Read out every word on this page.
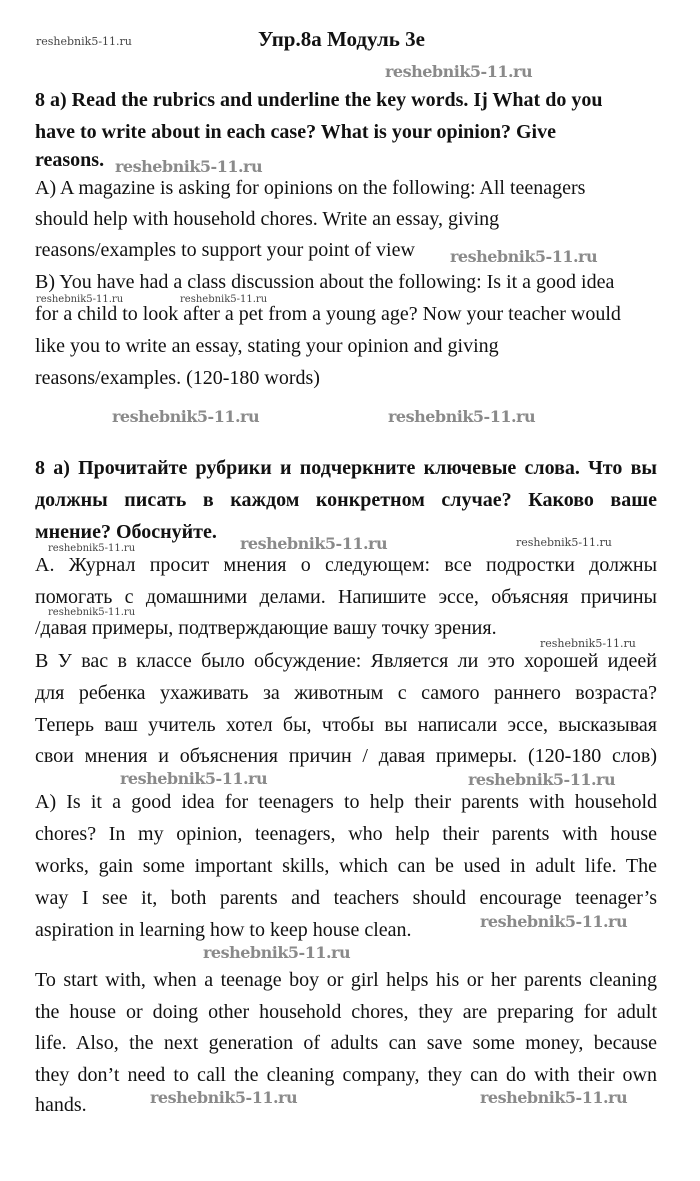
Упр.8а Модуль 3е
8 a) Read the rubrics and underline the key words. Ij What do you
have to write about in each case? What is your opinion? Give
reasons.
A) A magazine is asking for opinions on the following: All teenagers
should help with household chores. Write an essay, giving
reasons/examples to support your point of view
B) You have had a class discussion about the following: Is it a good idea
for a child to look after a pet from a young age? Now your teacher would
like you to write an essay, stating your opinion and giving
reasons/examples. (120-180 words)
8 а) Прочитайте рубрики и подчеркните ключевые слова. Что вы
должны писать в каждом конкретном случае? Каково ваше
мнение? Обоснуйте.
А. Журнал просит мнения о следующем: все подростки должны
помогать с домашними делами. Напишите эссе, объясняя причины
/давая примеры, подтверждающие вашу точку зрения.
В У вас в классе было обсуждение: Является ли это хорошей идеей
для ребенка ухаживать за животным с самого раннего возраста?
Теперь ваш учитель хотел бы, чтобы вы написали эссе, высказывая
свои мнения и объяснения причин / давая примеры. (120-180 слов)
A) Is it a good idea for teenagers to help their parents with household
chores? In my opinion, teenagers, who help their parents with house
works, gain some important skills, which can be used in adult life. The
way I see it, both parents and teachers should encourage teenager’s
aspiration in learning how to keep house clean.
To start with, when a teenage boy or girl helps his or her parents cleaning
the house or doing other household chores, they are preparing for adult
life. Also, the next generation of adults can save some money, because
they don’t need to call the cleaning company, they can do with their own
hands.
reshebnik5-11.ru
reshebnik5-11.ru
reshebnik5-11.ru
reshebnik5-11.ru
reshebnik5-11.ru	reshebnik5-11.ru
reshebnik5-11.ru	reshebnik5-11.ru
reshebnik5-11.ru	reshebnik5-11.ru	reshebnik5-11.ru
reshebnik5-11.ru
reshebnik5-11.ru
reshebnik5-11.ru	reshebnik5-11.ru
reshebnik5-11.ru
reshebnik5-11.ru
reshebnik5-11.ru	reshebnik5-11.ru
